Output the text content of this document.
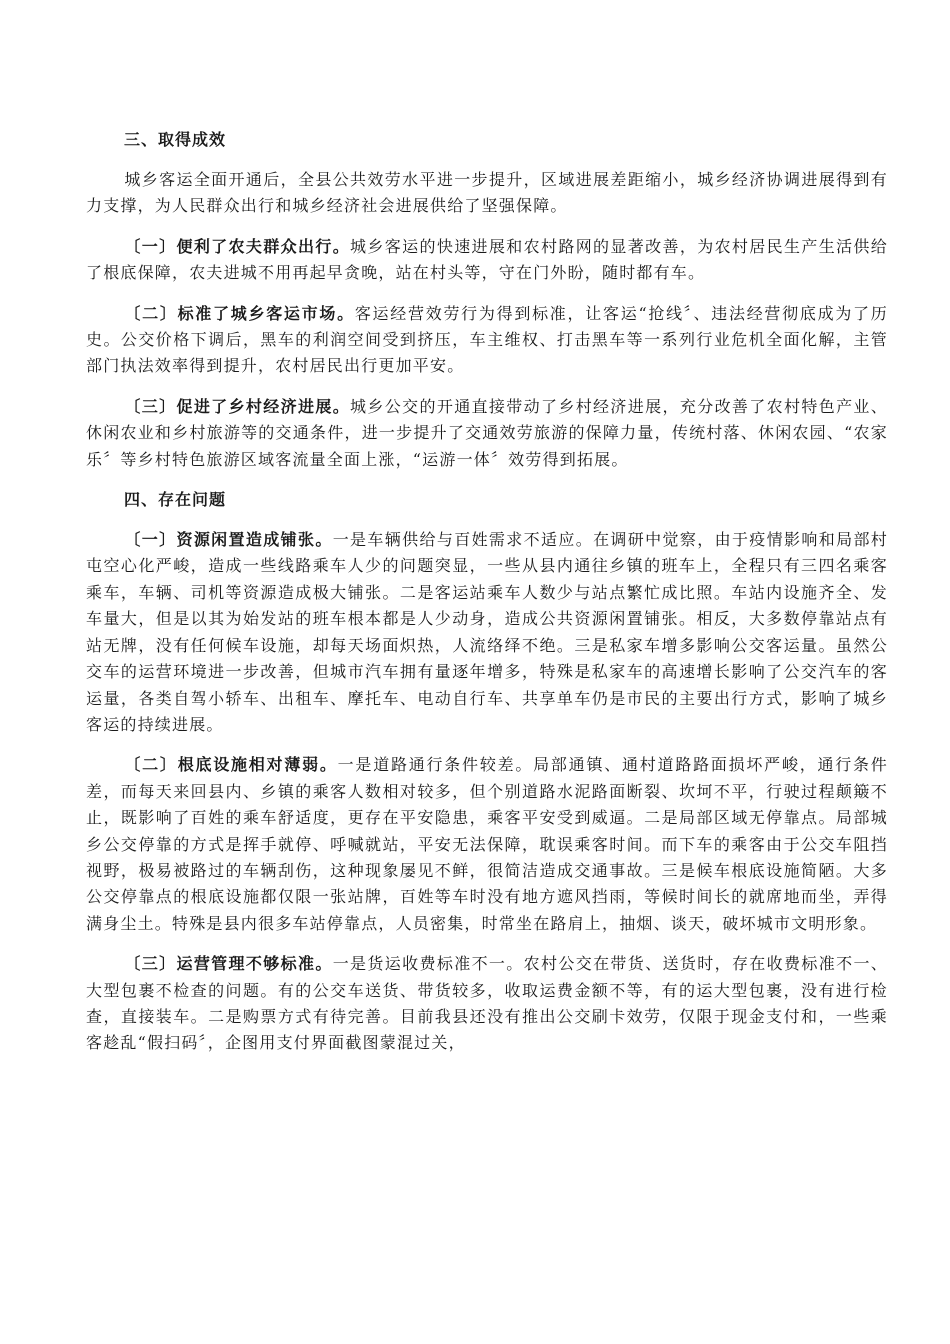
三、取得成效

城乡客运全面开通后，全县公共效劳水平进一步提升，区域进展差距缩小，城乡经济协调进展得到有力支撑，为人民群众出行和城乡经济社会进展供给了坚强保障。

〔一〕便利了农夫群众出行。城乡客运的快速进展和农村路网的显著改善，为农村居民生产生活供给了根底保障，农夫进城不用再起早贪晚，站在村头等，守在门外盼，随时都有车。

〔二〕标准了城乡客运市场。客运经营效劳行为得到标准，让客运“抢线〞、违法经营彻底成为了历史。公交价格下调后，黑车的利润空间受到挤压，车主维权、打击黑车等一系列行业危机全面化解，主管部门执法效率得到提升，农村居民出行更加平安。

〔三〕促进了乡村经济进展。城乡公交的开通直接带动了乡村经济进展，充分改善了农村特色产业、休闲农业和乡村旅游等的交通条件，进一步提升了交通效劳旅游的保障力量，传统村落、休闲农园、“农家乐〞等乡村特色旅游区域客流量全面上涨，“运游一体〞效劳得到拓展。

四、存在问题

〔一〕资源闲置造成铺张。一是车辆供给与百姓需求不适应。在调研中觉察，由于疫情影响和局部村屯空心化严峻，造成一些线路乘车人少的问题突显，一些从县内通往乡镇的班车上，全程只有三四名乘客乘车，车辆、司机等资源造成极大铺张。二是客运站乘车人数少与站点繁忙成比照。车站内设施齐全、发车量大，但是以其为始发站的班车根本都是人少动身，造成公共资源闲置铺张。相反，大多数停靠站点有站无牌，没有任何候车设施，却每天场面炽热，人流络绎不绝。三是私家车增多影响公交客运量。虽然公交车的运营环境进一步改善，但城市汽车拥有量逐年增多，特殊是私家车的高速增长影响了公交汽车的客运量，各类自驾小轿车、出租车、摩托车、电动自行车、共享单车仍是市民的主要出行方式，影响了城乡客运的持续进展。

〔二〕根底设施相对薄弱。一是道路通行条件较差。局部通镇、通村道路路面损坏严峻，通行条件差，而每天来回县内、乡镇的乘客人数相对较多，但个别道路水泥路面断裂、坎坷不平，行驶过程颠簸不止，既影响了百姓的乘车舒适度，更存在平安隐患，乘客平安受到威逼。二是局部区域无停靠点。局部城乡公交停靠的方式是挥手就停、呼喊就站，平安无法保障，耽误乘客时间。而下车的乘客由于公交车阻挡视野，极易被路过的车辆刮伤，这种现象屡见不鲜，很简洁造成交通事故。三是候车根底设施简陋。大多公交停靠点的根底设施都仅限一张站牌，百姓等车时没有地方遮风挡雨，等候时间长的就席地而坐，弄得满身尘土。特殊是县内很多车站停靠点，人员密集，时常坐在路肩上，抽烟、谈天，破坏城市文明形象。

〔三〕运营管理不够标准。一是货运收费标准不一。农村公交在带货、送货时，存在收费标准不一、大型包裹不检查的问题。有的公交车送货、带货较多，收取运费金额不等，有的运大型包裹，没有进行检查，直接装车。二是购票方式有待完善。目前我县还没有推出公交刷卡效劳，仅限于现金支付和，一些乘客趁乱“假扫码〞，企图用支付界面截图蒙混过关，
